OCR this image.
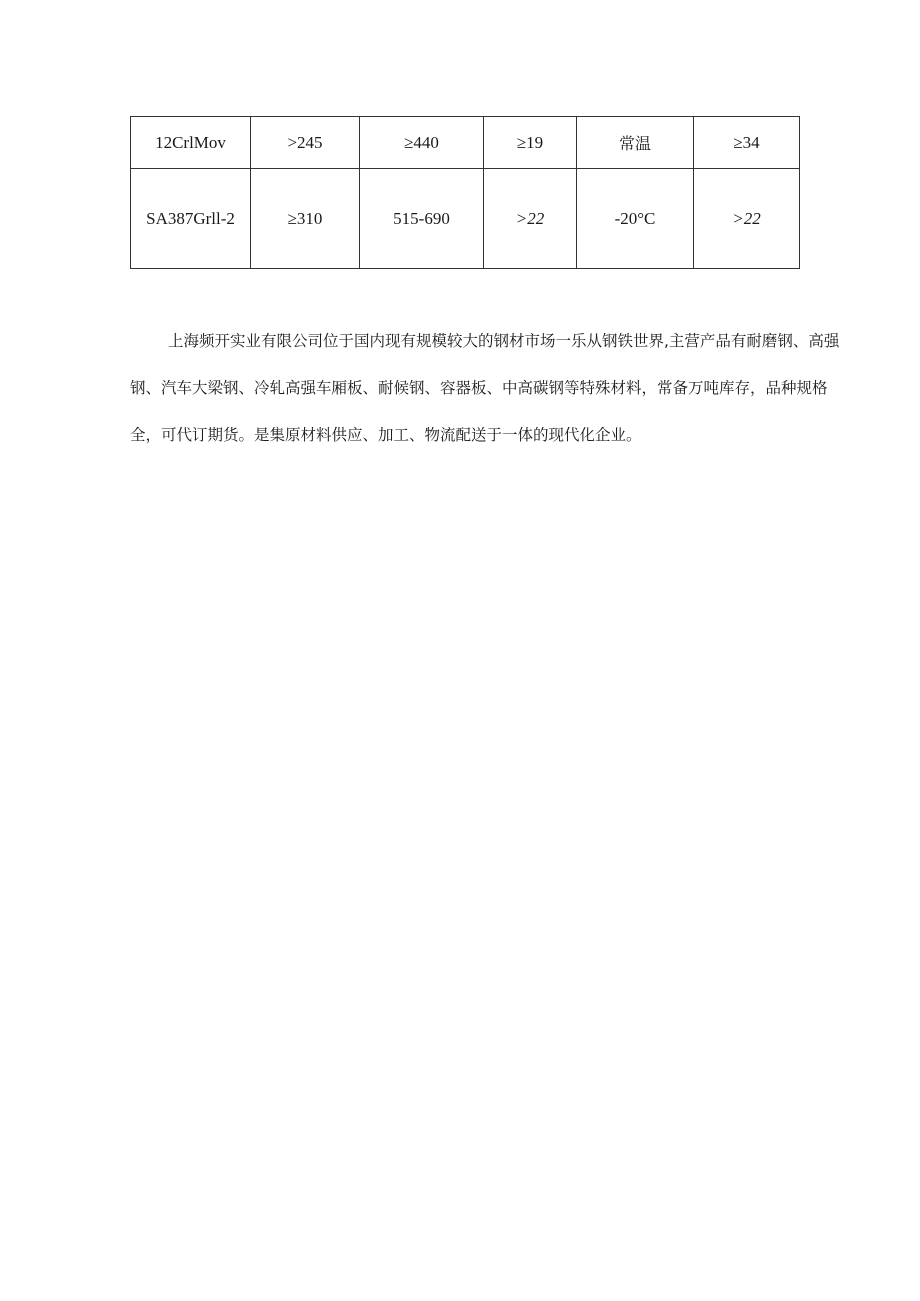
12CrlMov	>245	≥440	≥19	常温	≥34
SA387Grll-2	≥310	515-690	>22	-20°C	>22

上海频开实业有限公司位于国内现有规模较大的钢材市场一乐从钢铁世界,主营产品有耐磨钢、高强钢、汽车大梁钢、冷轧高强车厢板、耐候钢、容器板、中高碳钢等特殊材料，常备万吨库存，品种规格全，可代订期货。是集原材料供应、加工、物流配送于一体的现代化企业。
